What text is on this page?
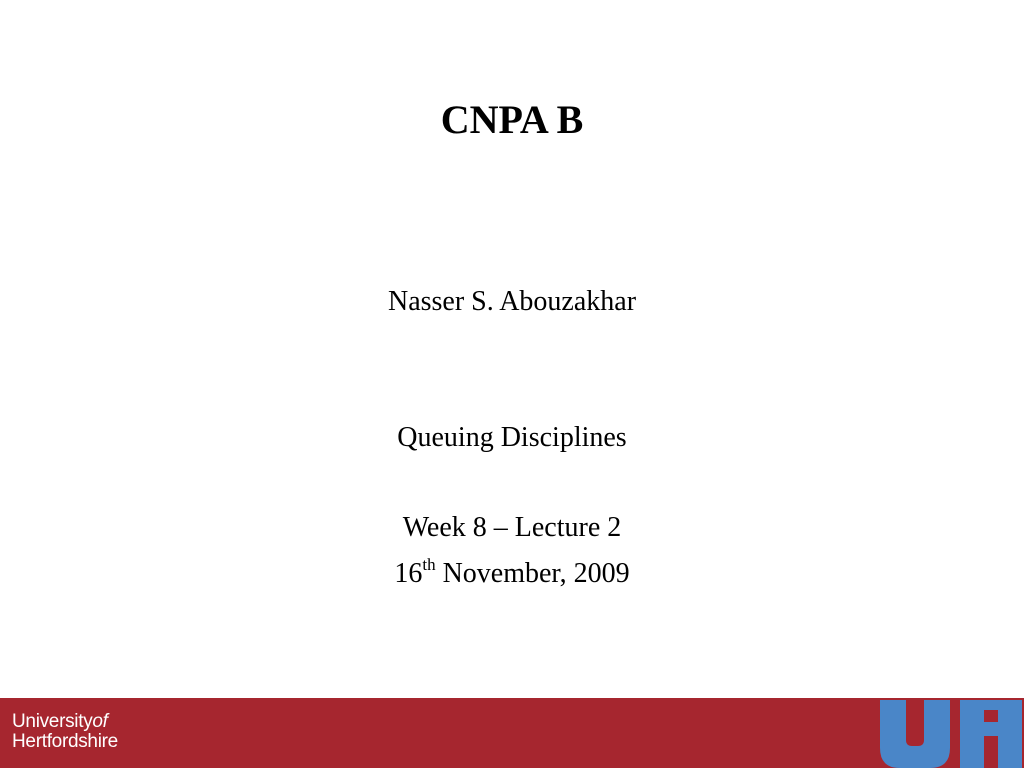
CNPA B
Nasser S. Abouzakhar
Queuing Disciplines
Week 8 – Lecture 2
16th November, 2009
Universityof
Hertfordshire
